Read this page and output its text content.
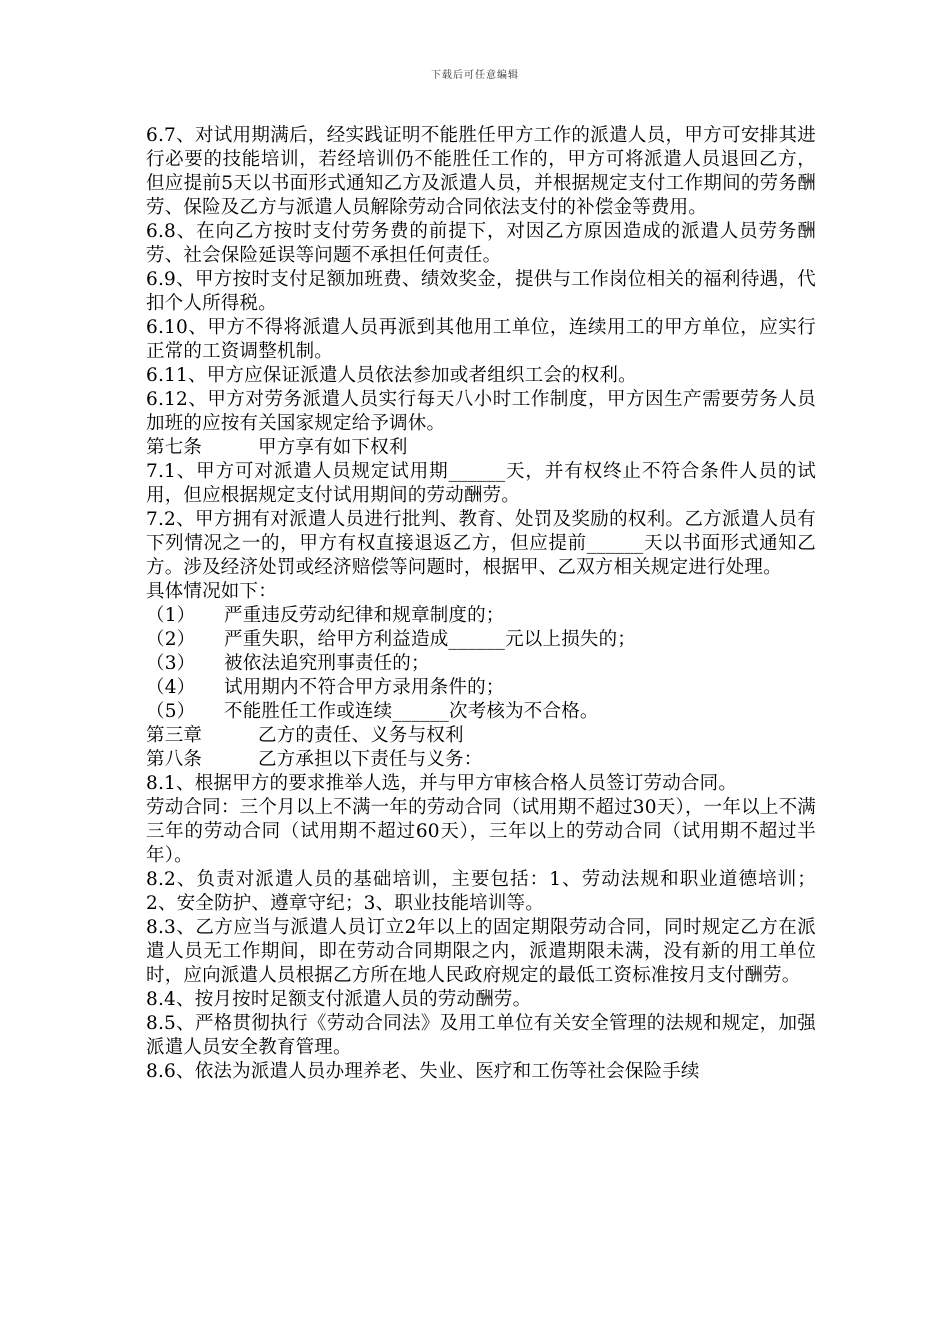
下载后可任意编辑

6.7、对试用期满后，经实践证明不能胜任甲方工作的派遣人员，甲方可安排其进行必要的技能培训，若经培训仍不能胜任工作的，甲方可将派遣人员退回乙方，但应提前5天以书面形式通知乙方及派遣人员，并根据规定支付工作期间的劳务酬劳、保险及乙方与派遣人员解除劳动合同依法支付的补偿金等费用。

6.8、在向乙方按时支付劳务费的前提下，对因乙方原因造成的派遣人员劳务酬劳、社会保险延误等问题不承担任何责任。

6.9、甲方按时支付足额加班费、绩效奖金，提供与工作岗位相关的福利待遇，代扣个人所得税。

6.10、甲方不得将派遣人员再派到其他用工单位，连续用工的甲方单位，应实行正常的工资调整机制。

6.11、甲方应保证派遣人员依法参加或者组织工会的权利。

6.12、甲方对劳务派遣人员实行每天八小时工作制度，甲方因生产需要劳务人员加班的应按有关国家规定给予调休。

第七条	甲方享有如下权利

7.1、甲方可对派遣人员规定试用期______天，并有权终止不符合条件人员的试用，但应根据规定支付试用期间的劳动酬劳。

7.2、甲方拥有对派遣人员进行批判、教育、处罚及奖励的权利。乙方派遣人员有下列情况之一的，甲方有权直接退返乙方，但应提前______天以书面形式通知乙方。涉及经济处罚或经济赔偿等问题时，根据甲、乙双方相关规定进行处理。

具体情况如下：

（1） 严重违反劳动纪律和规章制度的；

（2） 严重失职，给甲方利益造成______元以上损失的；

（3） 被依法追究刑事责任的；

（4） 试用期内不符合甲方录用条件的；

（5） 不能胜任工作或连续______次考核为不合格。

第三章	乙方的责任、义务与权利

第八条	乙方承担以下责任与义务：

8.1、根据甲方的要求推举人选，并与甲方审核合格人员签订劳动合同。

劳动合同：三个月以上不满一年的劳动合同（试用期不超过30天），一年以上不满三年的劳动合同（试用期不超过60天），三年以上的劳动合同（试用期不超过半年）。

8.2、负责对派遣人员的基础培训，主要包括：1、劳动法规和职业道德培训；2、安全防护、遵章守纪；3、职业技能培训等。

8.3、乙方应当与派遣人员订立2年以上的固定期限劳动合同，同时规定乙方在派遣人员无工作期间，即在劳动合同期限之内，派遣期限未满，没有新的用工单位时，应向派遣人员根据乙方所在地人民政府规定的最低工资标准按月支付酬劳。

8.4、按月按时足额支付派遣人员的劳动酬劳。

8.5、严格贯彻执行《劳动合同法》及用工单位有关安全管理的法规和规定，加强派遣人员安全教育管理。

8.6、依法为派遣人员办理养老、失业、医疗和工伤等社会保险手续
